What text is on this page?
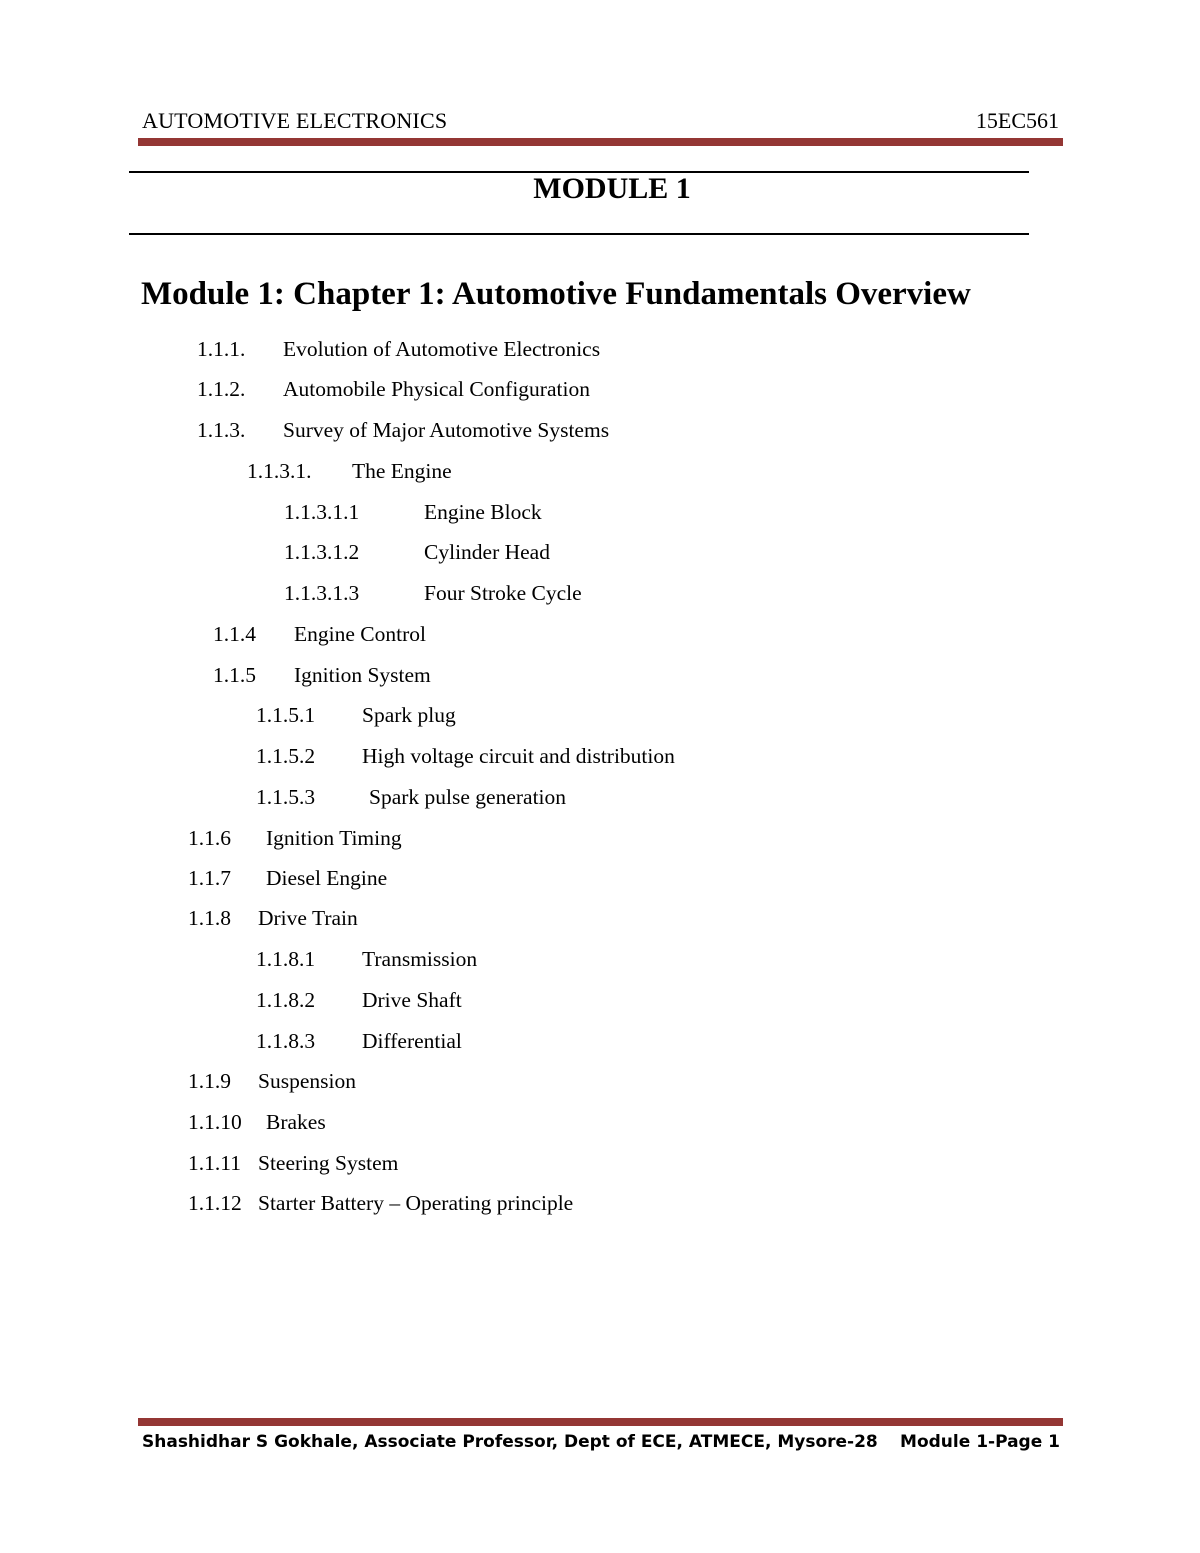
AUTOMOTIVE ELECTRONICS	15EC561
MODULE 1
Module 1: Chapter 1: Automotive Fundamentals Overview
1.1.1. Evolution of Automotive Electronics
1.1.2. Automobile Physical Configuration
1.1.3. Survey of Major Automotive Systems
1.1.3.1. The Engine
1.1.3.1.1	Engine Block
1.1.3.1.2	Cylinder Head
1.1.3.1.3	Four Stroke Cycle
1.1.4 Engine Control
1.1.5 Ignition System
1.1.5.1 Spark plug
1.1.5.2 High voltage circuit and distribution
1.1.5.3	Spark pulse generation
1.1.6 Ignition Timing
1.1.7 Diesel Engine
1.1.8 Drive Train
1.1.8.1 Transmission
1.1.8.2 Drive Shaft
1.1.8.3 Differential
1.1.9 Suspension
1.1.10 Brakes
1.1.11 Steering System
1.1.12 Starter Battery – Operating principle
Shashidhar S Gokhale, Associate Professor, Dept of ECE, ATMECE, Mysore-28 Module 1-Page 1
